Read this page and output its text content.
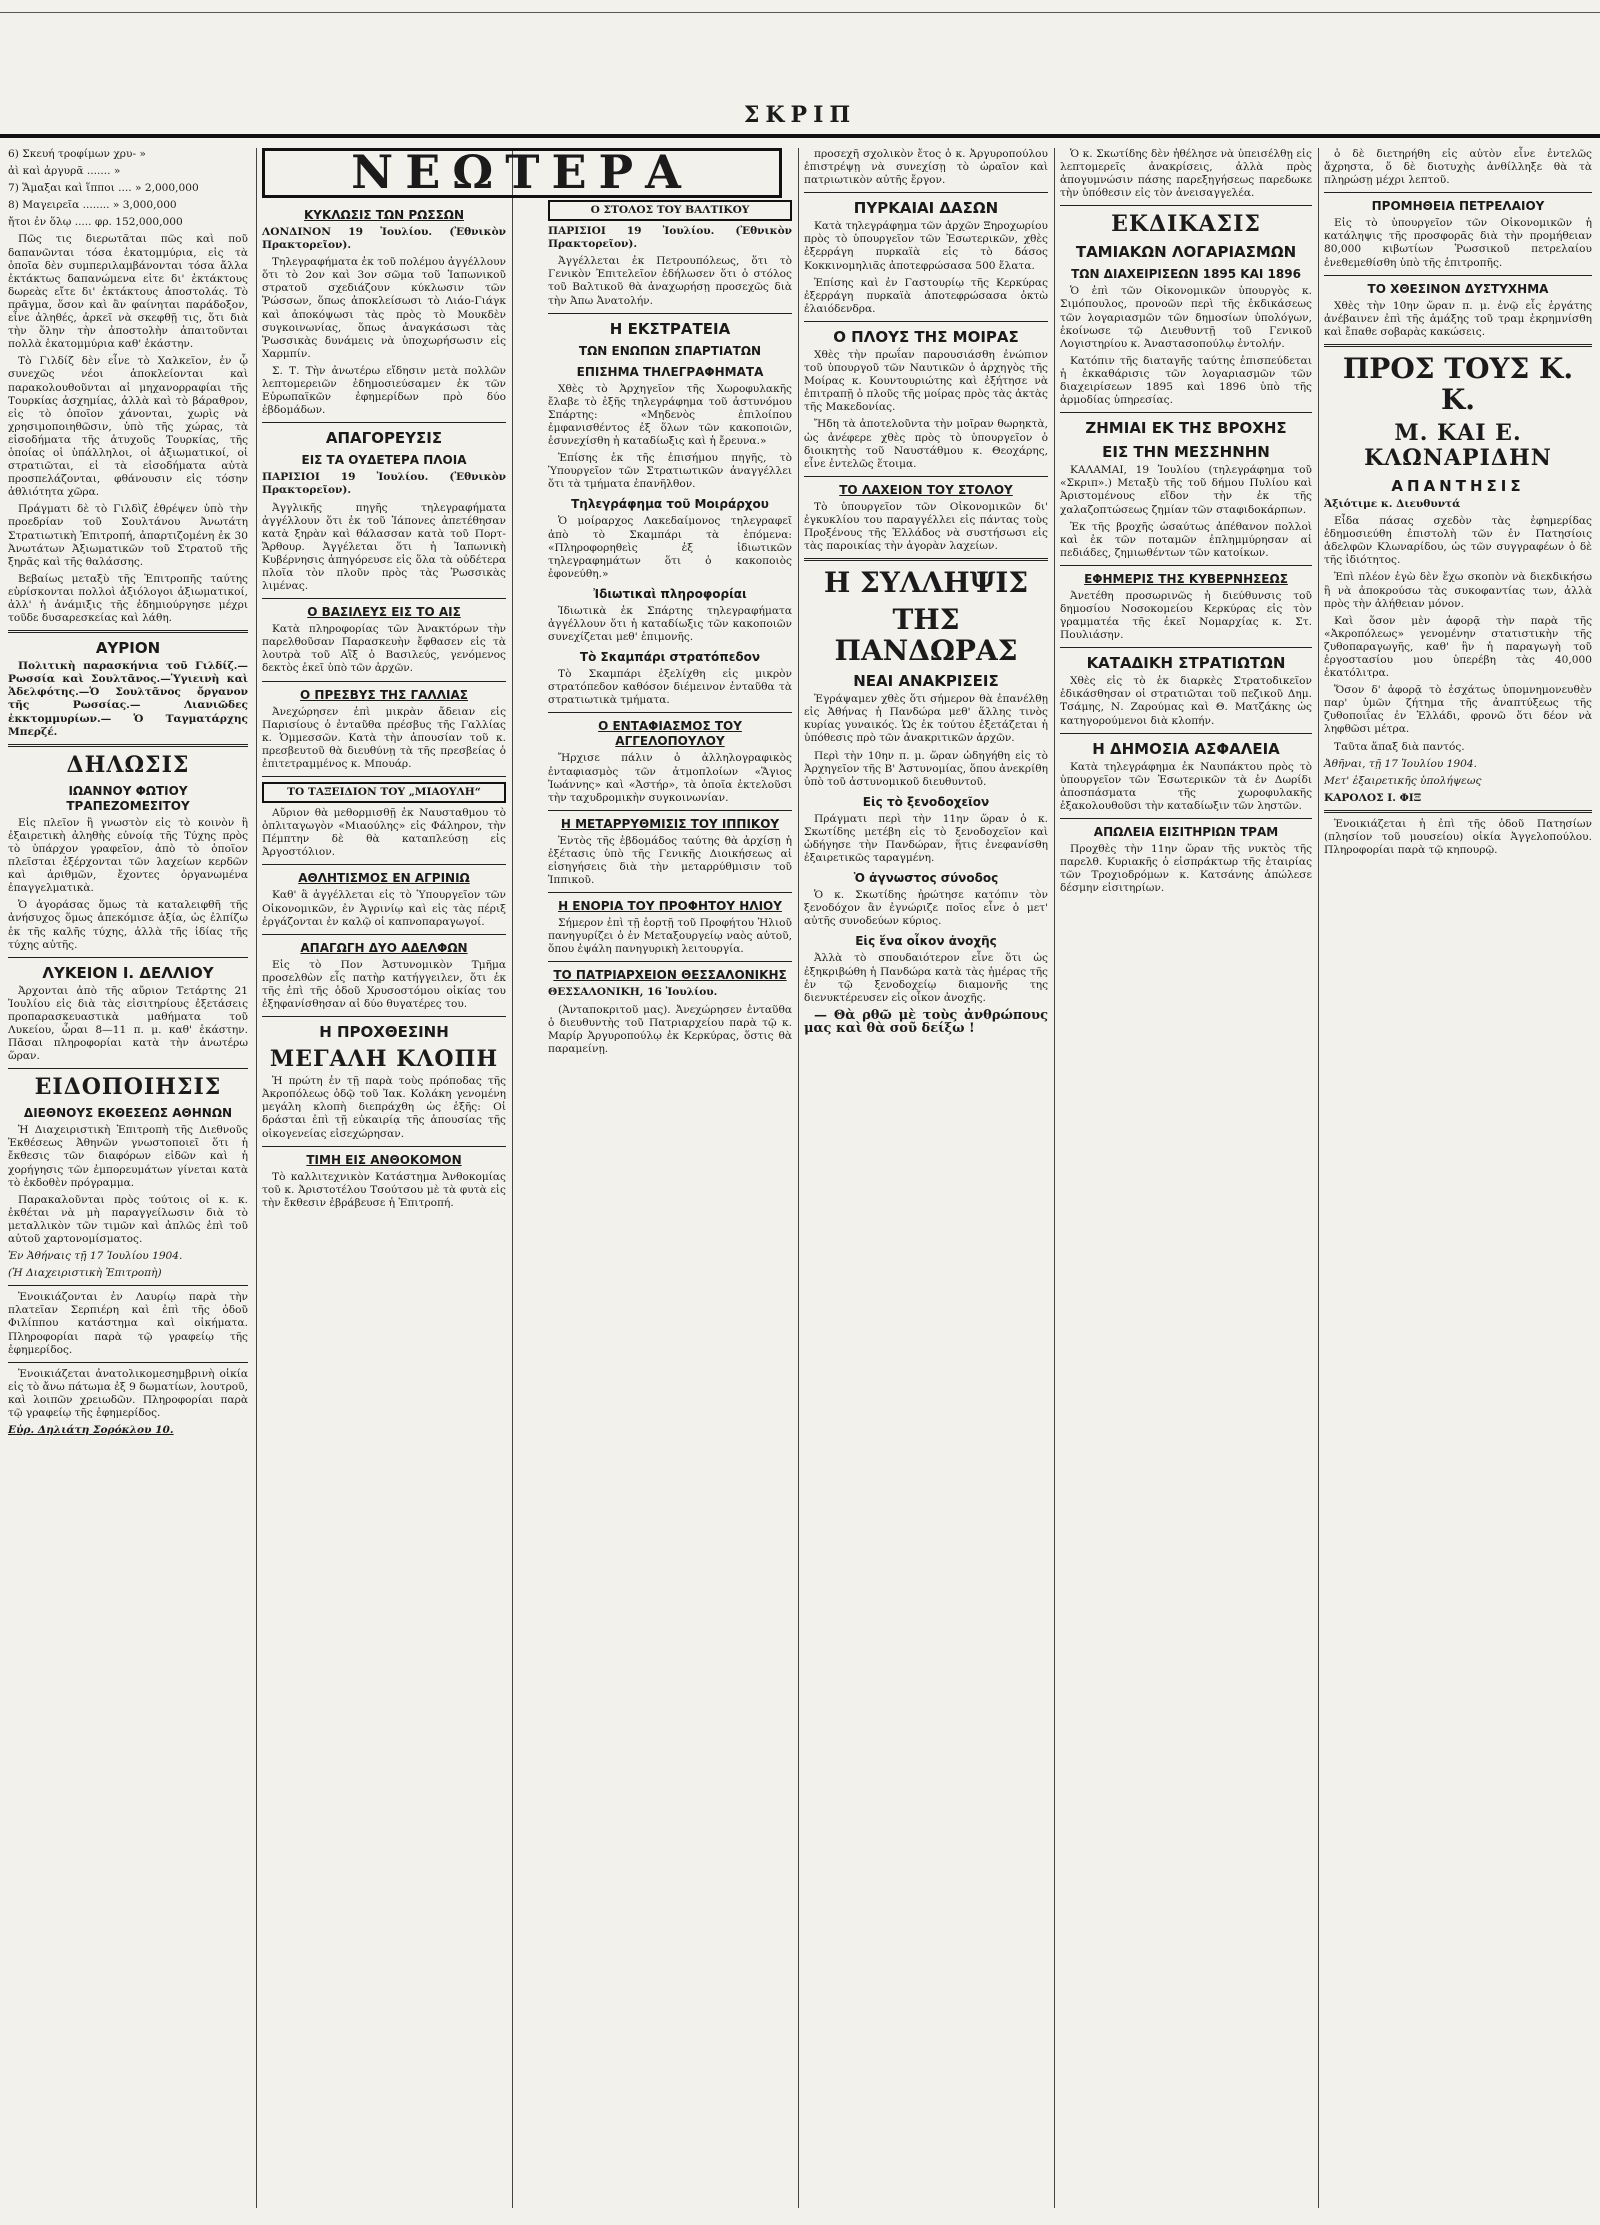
ΣΚΡΙΠ

6) Σκευή τροφίμων χρυ- »

ἀὶ καὶ ἀργυρᾶ ....... »

7) Ἅμαξαι καὶ ἵπποι .... » 2,000,000

8) Μαγειρεῖα ........ » 3,000,000

ἤτοι ἐν ὅλῳ ..... φρ. 152,000,000

Πῶς τις διερωτᾶται πῶς καὶ ποῦ δαπανῶνται τόσα ἑκατομμύρια, εἰς τὰ ὁποῖα δὲν συμπεριλαμβάνονται τόσα ἄλλα ἐκτάκτως δαπανώμενα εἰτε δι' ἐκτάκτους δωρεὰς εἴτε δι' ἐκτάκτους ἀποστολάς. Τὸ πρᾶγμα, ὅσον καὶ ἂν φαίνηται παράδοξον, εἶνε ἀληθές, ἀρκεῖ νὰ σκεφθῇ τις, ὅτι διὰ τὴν ὅλην τὴν ἀποστολὴν ἀπαιτοῦνται πολλὰ ἑκατομμύρια καθ' ἑκάστην.

Τὸ Γιλδίζ δὲν εἶνε τὸ Χαλκεῖον, ἐν ᾧ συνεχῶς νέοι ἀποκλείονται καὶ παρακολουθοῦνται αἱ μηχανορραφίαι τῆς Τουρκίας ἀσχημίας, ἀλλὰ καὶ τὸ βάραθρον, εἰς τὸ ὁποῖον χάνονται, χωρὶς νὰ χρησιμοποιηθῶσιν, ὑπὸ τῆς χώρας, τὰ εἰσοδήματα τῆς ἀτυχοῦς Τουρκίας, τῆς ὁποίας οἱ ὑπάλληλοι, οἱ ἀξιωματικοί, οἱ στρατιῶται, εἰ τὰ εἰσοδήματα αὐτὰ προσπελάζονται, φθάνουσιν εἰς τόσην ἀθλιότητα χῶρα.

Πράγματι δὲ τὸ Γιλδὶζ ἐθρέψεν ὑπὸ τὴν προεδρίαν τοῦ Σουλτάνου Ἀνωτάτη Στρατιωτικὴ Ἐπιτροπή, ἀπαρτιζομένη ἐκ 30 Ἀνωτάτων Ἀξιωματικῶν τοῦ Στρατοῦ τῆς ξηρᾶς καὶ τῆς θαλάσσης.

Βεβαίως μεταξὺ τῆς Ἐπιτροπῆς ταύτης εὑρίσκονται πολλοὶ ἀξιόλογοι ἀξιωματικοί, ἀλλ' ἡ ἀνάμιξις τῆς ἐδημιούργησε μέχρι τοῦδε δυσαρεσκείας καὶ λάθη.

ΑΥΡΙΟΝ

Πολιτικὴ παρασκήνια τοῦ Γιλδίζ.—Ρωσσία καὶ Σουλτᾶνος.—Ὑγιεινὴ καὶ Ἀδελφότης.—Ὁ Σουλτᾶνος ὄργανον τῆς Ρωσσίας.— Λιανιῶδες ἐκκτομμυρίων.— Ὁ Ταγματάρχης Μπερζέ.

ΔΗΛΩΣΙΣ
ΙΩΑΝΝΟΥ ΦΩΤΙΟΥ ΤΡΑΠΕΖΟΜΕΣΙΤΟΥ

Εἰς πλεῖον ἢ γνωστὸν εἰς τὸ κοινὸν ἢ ἐξαιρετικὴ ἀληθὴς εὐνοίᾳ τῆς Τύχης πρὸς τὸ ὑπάρχον γραφεῖον, ἀπὸ τὸ ὁποῖον πλεῖσται ἐξέρχονται τῶν λαχείων κερδῶν καὶ ἀριθμῶν, ἔχοντες ὀργανωμένα ἐπαγγελματικὰ.

Ὁ ἀγοράσας ὅμως τὰ καταλειφθῆ τῆς ἀνήσυχος ὅμως ἀπεκόμισε ἀξία, ὡς ἐλπίζω ἐκ τῆς καλῆς τύχης, ἀλλὰ τῆς ἰδίας τῆς τύχης αὐτῆς.

ΛΥΚΕΙΟΝ Ι. ΔΕΛΛΙΟΥ

Ἀρχονται ἀπὸ τῆς αὔριον Τετάρτης 21 Ἰουλίου εἰς διὰ τὰς εἰσιτηρίους ἐξετάσεις προπαρασκευαστικὰ μαθήματα τοῦ Λυκείου, ὧραι 8—11 π. μ. καθ' ἑκάστην. Πᾶσαι πληροφορίαι κατὰ τὴν ἀνωτέρω ὥραν.

ΕΙΔΟΠΟΙΗΣΙΣ
ΔΙΕΘΝΟΥΣ ΕΚΘΕΣΕΩΣ ΑΘΗΝΩΝ

Ἡ Διαχειριστικὴ Ἐπιτροπὴ τῆς Διεθνοῦς Ἐκθέσεως Ἀθηνῶν γνωστοποιεῖ ὅτι ἡ ἔκθεσις τῶν διαφόρων εἰδῶν καὶ ἡ χορήγησις τῶν ἐμπορευμάτων γίνεται κατὰ τὸ ἐκδοθὲν πρόγραμμα.

Παρακαλοῦνται πρὸς τούτοις οἱ κ. κ. ἐκθέται νὰ μὴ παραγγείλωσιν διὰ τὸ μεταλλικὸν τῶν τιμῶν καὶ ἀπλῶς ἐπὶ τοῦ αὐτοῦ χαρτονομίσματος.

Ἐν Ἀθήναις τῇ 17 Ἰουλίου 1904.

(Ἡ Διαχειριστικὴ Ἐπιτροπὴ)

Ἐνοικιάζονται ἐν Λαυρίῳ παρὰ τὴν πλατεῖαν Σερπιέρη καὶ ἐπὶ τῆς ὁδοῦ Φιλίππου κατάστημα καὶ οἰκήματα. Πληροφορίαι παρὰ τῷ γραφείῳ τῆς ἐφημερίδος.

Ἐνοικιάζεται ἀνατολικομεσημβρινὴ οἰκία εἰς τὸ ἄνω πάτωμα ἐξ 9 δωματίων, λουτροῦ, καὶ λοιπῶν χρειωδῶν. Πληροφορίαι παρὰ τῷ γραφείῳ τῆς ἐφημερίδος.

Εὐρ. Δηλιάτη Σορόκλου 10.

ΝΕΩΤΕΡΑ
ΚΥΚΛΩΣΙΣ ΤΩΝ ΡΩΣΣΩΝ

ΛΟΝΔΙΝΟΝ 19 Ἰουλίου. (Ἐθνικὸν Πρακτορεῖον).

Τηλεγραφήματα ἐκ τοῦ πολέμου ἀγγέλλουν ὅτι τὸ 2ον καὶ 3ον σῶμα τοῦ Ἰαπωνικοῦ στρατοῦ σχεδιάζουν κύκλωσιν τῶν Ῥώσσων, ὅπως ἀποκλείσωσι τὸ Λιάο-Γιάγκ καὶ ἀποκόψωσι τὰς πρὸς τὸ Μουκδὲν συγκοινωνίας, ὅπως ἀναγκάσωσι τὰς Ῥωσσικὰς δυνάμεις νὰ ὑποχωρήσωσιν εἰς Χαρμπίν.

Σ. Τ. Τὴν ἀνωτέρω εἴδησιν μετὰ πολλῶν λεπτομερειῶν ἐδημοσιεύσαμεν ἐκ τῶν Εὐρωπαϊκῶν ἐφημερίδων πρὸ δύο ἑβδομάδων.

ΑΠΑΓΟΡΕΥΣΙΣ
ΕΙΣ ΤΑ ΟΥΔΕΤΕΡΑ ΠΛΟΙΑ

ΠΑΡΙΣΙΟΙ 19 Ἰουλίου. (Ἐθνικὸν Πρακτορεῖον).

Ἀγγλικῆς πηγῆς τηλεγραφήματα ἀγγέλλουν ὅτι ἐκ τοῦ Ἰάπονες ἀπετέθησαν κατὰ ξηρὰν καὶ θάλασσαν κατὰ τοῦ Πορτ-Ἄρθουρ. Ἀγγέλεται ὅτι ἡ Ἰαπωνικὴ Κυβέρνησις ἀπηγόρευσε εἰς ὅλα τὰ οὐδέτερα πλοῖα τὸν πλοῦν πρὸς τὰς Ῥωσσικὰς λιμένας.

Ο ΒΑΣΙΛΕΥΣ ΕΙΣ ΤΟ ΑΙΣ

Κατὰ πληροφορίας τῶν Ἀνακτόρων τὴν παρελθοῦσαν Παρασκευὴν ἔφθασεν εἰς τὰ λουτρὰ τοῦ Αἲξ ὁ Βασιλεύς, γενόμενος δεκτὸς ἐκεῖ ὑπὸ τῶν ἀρχῶν.

Ο ΠΡΕΣΒΥΣ ΤΗΣ ΓΑΛΛΙΑΣ

Ἀνεχώρησεν ἐπὶ μικρὰν ἄδειαν εἰς Παρισίους ὁ ἐνταῦθα πρέσβυς τῆς Γαλλίας κ. Ὁμμεσσῶν. Κατὰ τὴν ἀπουσίαν τοῦ κ. πρεσβευτοῦ θὰ διευθύνῃ τὰ τῆς πρεσβείας ὁ ἐπιτετραμμένος κ. Μπουάρ.

ΤΟ ΤΑΞΕΙΔΙΟΝ ΤΟΥ „ΜΙΑΟΥΛΗ“

Αὔριον θὰ μεθορμισθῇ ἐκ Ναυσταθμου τὸ ὁπλιταγωγὸν «Μιαούλης» εἰς Φάληρον, τὴν Πέμπτην δὲ θὰ καταπλεύσῃ εἰς Ἀργοστόλιον.

ΑΘΛΗΤΙΣΜΟΣ ΕΝ ΑΓΡΙΝΙΩ

Καθ' ἃ ἀγγέλλεται εἰς τὸ Ὑπουργεῖον τῶν Οἰκονομικῶν, ἐν Ἀγρινίῳ καὶ εἰς τὰς πέριξ ἐργάζονται ἐν καλῷ οἱ καπνοπαραγωγοί.

ΑΠΑΓΩΓΗ ΔΥΟ ΑΔΕΛΦΩΝ

Εἰς τὸ Πον Ἀστυνομικὸν Τμῆμα προσελθὼν εἷς πατὴρ κατήγγειλεν, ὅτι ἐκ τῆς ἐπὶ τῆς ὁδοῦ Χρυσοστόμου οἰκίας του ἐξηφανίσθησαν αἱ δύο θυγατέρες του.

Η ΠΡΟΧΘΕΣΙΝΗ
ΜΕΓΑΛΗ ΚΛΟΠΗ

Ἡ πρώτη ἐν τῇ παρὰ τοὺς πρόποδας τῆς Ἀκροπόλεως ὁδῷ τοῦ Ἰακ. Κολάκη γενομένη μεγάλη κλοπὴ διεπράχθη ὡς ἑξῆς: Οἱ δράσται ἐπὶ τῇ εὐκαιρίᾳ τῆς ἀπουσίας τῆς οἰκογενείας εἰσεχώρησαν.

ΤΙΜΗ ΕΙΣ ΑΝΘΟΚΟΜΟΝ

Τὸ καλλιτεχνικὸν Κατάστημα Ἀνθοκομίας τοῦ κ. Ἀριστοτέλου Τσούτσου μὲ τὰ φυτὰ εἰς τὴν ἔκθεσιν ἐβράβευσε ἡ Ἐπιτροπή.

Ο ΣΤΟΛΟΣ ΤΟΥ ΒΑΛΤΙΚΟΥ

ΠΑΡΙΣΙΟΙ 19 Ἰουλίου. (Ἐθνικὸν Πρακτορεῖον).

Ἀγγέλλεται ἐκ Πετρουπόλεως, ὅτι τὸ Γενικὸν Ἐπιτελεῖον ἐδήλωσεν ὅτι ὁ στόλος τοῦ Βαλτικοῦ θὰ ἀναχωρήσῃ προσεχῶς διὰ τὴν Ἀπω Ἀνατολήν.

Η ΕΚΣΤΡΑΤΕΙΑ
ΤΩΝ ΕΝΩΠΩΝ ΣΠΑΡΤΙΑΤΩΝ
ΕΠΙΣΗΜΑ ΤΗΛΕΓΡΑΦΗΜΑΤΑ

Χθὲς τὸ Ἀρχηγεῖον τῆς Χωροφυλακῆς ἔλαβε τὸ ἑξῆς τηλεγράφημα τοῦ ἀστυνόμου Σπάρτης: «Μηδενὸς ἐπιλοίπου ἐμφανισθέντος ἐξ ὅλων τῶν κακοποιῶν, ἐσυνεχίσθη ἡ καταδίωξις καὶ ἡ ἔρευνα.»

Ἐπίσης ἐκ τῆς ἐπισήμου πηγῆς, τὸ Ὑπουργεῖον τῶν Στρατιωτικῶν ἀναγγέλλει ὅτι τὰ τμήματα ἐπανῆλθον.

Τηλεγράφημα τοῦ Μοιράρχου

Ὁ μοίραρχος Λακεδαίμονος τηλεγραφεῖ ἀπὸ τὸ Σκαμπάρι τὰ ἐπόμενα: «Πληροφορηθεὶς ἐξ ἰδιωτικῶν τηλεγραφημάτων ὅτι ὁ κακοποιὸς ἐφονεύθη.»

Ἰδιωτικαὶ πληροφορίαι

Ἰδιωτικὰ ἐκ Σπάρτης τηλεγραφήματα ἀγγέλλουν ὅτι ἡ καταδίωξις τῶν κακοποιῶν συνεχίζεται μεθ' ἐπιμονῆς.

Τὸ Σκαμπάρι στρατόπεδον

Τὸ Σκαμπάρι ἐξελίχθη εἰς μικρὸν στρατόπεδον καθόσον διέμεινον ἐνταῦθα τὰ στρατιωτικὰ τμήματα.

Ο ΕΝΤΑΦΙΑΣΜΟΣ ΤΟΥ ΑΓΓΕΛΟΠΟΥΛΟΥ

Ἤρχισε πάλιν ὁ ἀλληλογραφικὸς ἐνταφιασμὸς τῶν ἀτμοπλοίων «Ἅγιος Ἰωάννης» καὶ «Ἀστήρ», τὰ ὁποῖα ἐκτελοῦσι τὴν ταχυδρομικὴν συγκοινωνίαν.

Η ΜΕΤΑΡΡΥΘΜΙΣΙΣ ΤΟΥ ΙΠΠΙΚΟΥ

Ἐντὸς τῆς ἑβδομάδος ταύτης θὰ ἀρχίσῃ ἡ ἐξέτασις ὑπὸ τῆς Γενικῆς Διοικήσεως αἱ εἰσηγήσεις διὰ τὴν μεταρρύθμισιν τοῦ Ἱππικοῦ.

Η ΕΝΟΡΙΑ ΤΟΥ ΠΡΟΦΗΤΟΥ ΗΛΙΟΥ

Σήμερον ἐπὶ τῇ ἑορτῇ τοῦ Προφήτου Ἠλιοῦ πανηγυρίζει ὁ ἐν Μεταξουργείῳ ναὸς αὐτοῦ, ὅπου ἐψάλη πανηγυρικὴ λειτουργία.

ΤΟ ΠΑΤΡΙΑΡΧΕΙΟΝ ΘΕΣΣΑΛΟΝΙΚΗΣ

ΘΕΣΣΑΛΟΝΙΚΗ, 16 Ἰουλίου.

(Ἀνταποκριτοῦ μας). Ἀνεχώρησεν ἐνταῦθα ὁ διευθυντὴς τοῦ Πατριαρχείου παρὰ τῷ κ. Μαρίρ Ἀργυροπούλῳ ἐκ Κερκύρας, ὅστις θὰ παραμείνῃ.

προσεχῆ σχολικὸν ἔτος ὁ κ. Ἀργυροπούλου ἐπιστρέψῃ νὰ συνεχίσῃ τὸ ὡραῖον καὶ πατριωτικὸν αὐτῆς ἔργον.

ΠΥΡΚΑΙΑΙ ΔΑΣΩΝ

Κατὰ τηλεγράφημα τῶν ἀρχῶν Ξηροχωρίου πρὸς τὸ ὑπουργεῖον τῶν Ἐσωτερικῶν, χθὲς ἐξερράγη πυρκαϊὰ εἰς τὸ δάσος Κοκκινομηλιᾶς ἀποτεφρώσασα 500 ἔλατα.

Ἐπίσης καὶ ἐν Γαστουρίῳ τῆς Κερκύρας ἐξερράγη πυρκαϊὰ ἀποτεφρώσασα ὀκτὼ ἐλαιόδενδρα.

Ο ΠΛΟΥΣ ΤΗΣ ΜΟΙΡΑΣ

Χθὲς τὴν πρωΐαν παρουσιάσθη ἐνώπιον τοῦ ὑπουργοῦ τῶν Ναυτικῶν ὁ ἀρχηγὸς τῆς Μοίρας κ. Κουντουριώτης καὶ ἐξήτησε νὰ ἐπιτραπῇ ὁ πλοῦς τῆς μοίρας πρὸς τὰς ἀκτὰς τῆς Μακεδονίας.

Ἤδη τὰ ἀποτελοῦντα τὴν μοῖραν θωρηκτὰ, ὡς ἀνέφερε χθὲς πρὸς τὸ ὑπουργεῖον ὁ διοικητὴς τοῦ Ναυστάθμου κ. Θεοχάρης, εἶνε ἐντελῶς ἕτοιμα.

ΤΟ ΛΑΧΕΙΟΝ ΤΟΥ ΣΤΟΛΟΥ

Τὸ ὑπουργεῖον τῶν Οἰκονομικῶν δι' ἐγκυκλίου του παραγγέλλει εἰς πάντας τοὺς Προξένους τῆς Ἑλλάδος νὰ συστήσωσι εἰς τὰς παροικίας τὴν ἀγορὰν λαχείων.

Η ΣΥΛΛΗΨΙΣ
ΤΗΣ ΠΑΝΔΩΡΑΣ
ΝΕΑΙ ΑΝΑΚΡΙΣΕΙΣ

Ἐγράψαμεν χθὲς ὅτι σήμερον θὰ ἐπανέλθῃ εἰς Ἀθήνας ἡ Πανδώρα μεθ' ἅλλης τινὸς κυρίας γυναικός. Ὡς ἐκ τούτου ἐξετάζεται ἡ ὑπόθεσις πρὸ τῶν ἀνακριτικῶν ἀρχῶν.

Περὶ τὴν 10ην π. μ. ὥραν ὡδηγήθη εἰς τὸ Ἀρχηγεῖον τῆς Β' Ἀστυνομίας, ὅπου ἀνεκρίθη ὑπὸ τοῦ ἀστυνομικοῦ διευθυντοῦ.

Εἰς τὸ ξενοδοχεῖον

Πράγματι περὶ τὴν 11ην ὥραν ὁ κ. Σκωτίδης μετέβη εἰς τὸ ξενοδοχεῖον καὶ ὡδήγησε τὴν Πανδώραν, ἥτις ἐνεφανίσθη ἐξαιρετικῶς ταραγμένη.

Ὁ ἀγνωστος σύνοδος

Ὁ κ. Σκωτίδης ἠρώτησε κατόπιν τὸν ξενοδόχον ἂν ἐγνώριζε ποῖος εἶνε ὁ μετ' αὐτῆς συνοδεύων κύριος.

Εἰς ἕνα οἶκον ἀνοχῆς

Ἀλλὰ τὸ σπουδαιότερον εἶνε ὅτι ὡς ἐξηκριβώθη ἡ Πανδώρα κατὰ τὰς ἡμέρας τῆς ἐν τῷ ξενοδοχείῳ διαμονῆς της διενυκτέρευσεν εἰς οἶκον ἀνοχῆς.

— Θὰ ρθῶ μὲ τοὺς ἀνθρώπους μας καὶ θὰ σοῦ δείξω !

Ὁ κ. Σκωτίδης δὲν ἠθέλησε νὰ ὑπεισέλθῃ εἰς λεπτομερεῖς ἀνακρίσεις, ἀλλὰ πρὸς ἀπογυμνώσιν πάσης παρεξηγήσεως παρεδωκε τὴν ὑπόθεσιν εἰς τὸν ἀνεισαγγελέα.

ΕΚΔΙΚΑΣΙΣ
ΤΑΜΙΑΚΩΝ ΛΟΓΑΡΙΑΣΜΩΝ
ΤΩΝ ΔΙΑΧΕΙΡΙΣΕΩΝ 1895 ΚΑΙ 1896

Ὁ ἐπὶ τῶν Οἰκονομικῶν ὑπουργὸς κ. Σιμόπουλος, προνοῶν περὶ τῆς ἐκδικάσεως τῶν λογαριασμῶν τῶν δημοσίων ὑπολόγων, ἐκοίνωσε τῷ Διευθυντῇ τοῦ Γενικοῦ Λογιστηρίου κ. Ἀναστασοπούλῳ ἐντολήν.

Κατόπιν τῆς διαταγῆς ταύτης ἐπισπεύδεται ἡ ἐκκαθάρισις τῶν λογαριασμῶν τῶν διαχειρίσεων 1895 καὶ 1896 ὑπὸ τῆς ἁρμοδίας ὑπηρεσίας.

ΖΗΜΙΑΙ ΕΚ ΤΗΣ ΒΡΟΧΗΣ
ΕΙΣ ΤΗΝ ΜΕΣΣΗΝΗΝ

ΚΑΛΑΜΑΙ, 19 Ἰουλίου (τηλεγράφημα τοῦ «Σκριπ».) Μεταξὺ τῆς τοῦ δήμου Πυλίου καὶ Ἀριστομένους εἴδον τὴν ἐκ τῆς χαλαζοπτώσεως ζημίαν τῶν σταφιδοκάρπων.

Ἐκ τῆς βροχῆς ὡσαύτως ἀπέθανον πολλοὶ καὶ ἐκ τῶν ποταμῶν ἐπλημμύρησαν αἱ πεδιάδες, ζημιωθέντων τῶν κατοίκων.

ΕΦΗΜΕΡΙΣ ΤΗΣ ΚΥΒΕΡΝΗΣΕΩΣ

Ἀνετέθη προσωρινῶς ἡ διεύθυνσις τοῦ δημοσίου Νοσοκομείου Κερκύρας εἰς τὸν γραμματέα τῆς ἐκεῖ Νομαρχίας κ. Στ. Πουλιάσην.

ΚΑΤΑΔΙΚΗ ΣΤΡΑΤΙΩΤΩΝ

Χθὲς εἰς τὸ ἐκ διαρκὲς Στρατοδικεῖον ἐδικάσθησαν οἱ στρατιῶται τοῦ πεζικοῦ Δημ. Τσάμης, Ν. Ζαρούμας καὶ Θ. Ματζάκης ὡς κατηγορούμενοι διὰ κλοπήν.

Η ΔΗΜΟΣΙΑ ΑΣΦΑΛΕΙΑ

Κατὰ τηλεγράφημα ἐκ Ναυπάκτου πρὸς τὸ ὑπουργεῖον τῶν Ἐσωτερικῶν τὰ ἐν Δωρίδι ἀποσπάσματα τῆς χωροφυλακῆς ἐξακολουθοῦσι τὴν καταδίωξιν τῶν ληστῶν.

ΑΠΩΛΕΙΑ ΕΙΣΙΤΗΡΙΩΝ ΤΡΑΜ

Προχθὲς τὴν 11ην ὥραν τῆς νυκτὸς τῆς παρελθ. Κυριακῆς ὁ εἰσπράκτωρ τῆς ἑταιρίας τῶν Τροχιοδρόμων κ. Κατσάνης ἀπώλεσε δέσμην εἰσιτηρίων.

ὁ δὲ διετηρήθη εἰς αὐτὸν εἶνε ἐντελῶς ἄχρηστα, ὅ δὲ διοτυχὴς ἀνθίλληξε θὰ τὰ πληρώσῃ μέχρι λεπτοῦ.

ΠΡΟΜΗΘΕΙΑ ΠΕΤΡΕΛΑΙΟΥ

Εἰς τὸ ὑπουργεῖον τῶν Οἰκονομικῶν ἡ κατάληψις τῆς προσφορᾶς διὰ τὴν προμήθειαν 80,000 κιβωτίων Ῥωσσικοῦ πετρελαίου ἐνεθεμεθίσθη ὑπὸ τῆς ἐπιτροπῆς.

ΤΟ ΧΘΕΣΙΝΟΝ ΔΥΣΤΥΧΗΜΑ

Χθὲς τὴν 10ην ὥραν π. μ. ἐνῷ εἷς ἐργάτης ἀνέβαινεν ἐπὶ τῆς ἁμάξης τοῦ τραμ ἐκρημνίσθη καὶ ἔπαθε σοβαρὰς κακώσεις.

ΠΡΟΣ ΤΟΥΣ Κ. Κ.
Μ. ΚΑΙ Ε. ΚΛΩΝΑΡΙΔΗΝ
ΑΠΑΝΤΗΣΙΣ

Ἀξιότιμε κ. Διευθυντά

Εἶδα πάσας σχεδὸν τὰς ἐφημερίδας ἐδημοσιεύθη ἐπιστολὴ τῶν ἐν Πατησίοις ἀδελφῶν Κλωναρίδου, ὡς τῶν συγγραφέων ὁ δὲ τῆς ἰδιότητος.

Ἐπὶ πλέον ἐγὼ δὲν ἔχω σκοπὸν νὰ διεκδικήσω ἢ νὰ ἀποκρούσω τὰς συκοφαντίας των, ἀλλὰ πρὸς τὴν ἀλήθειαν μόνον.

Καὶ ὅσον μὲν ἀφορᾷ τὴν παρὰ τῆς «Ἀκροπόλεως» γενομένην στατιστικὴν τῆς ζυθοπαραγωγῆς, καθ' ἣν ἡ παραγωγὴ τοῦ ἐργοστασίου μου ὑπερέβη τὰς 40,000 ἑκατόλιτρα.

Ὅσον δ' ἀφορᾷ τὸ ἐσχάτως ὑπομνημονευθὲν παρ' ὑμῶν ζήτημα τῆς ἀναπτύξεως τῆς ζυθοποιΐας ἐν Ἑλλάδι, φρονῶ ὅτι δέον νὰ ληφθῶσι μέτρα.

Ταῦτα ἅπαξ διὰ παντός.

Ἀθῆναι, τῇ 17 Ἰουλίου 1904.

Μετ' ἐξαιρετικῆς ὑπολήψεως

ΚΑΡΟΛΟΣ Ι. ΦΙΞ

Ἐνοικιάζεται ἡ ἐπὶ τῆς ὁδοῦ Πατησίων (πλησίον τοῦ μουσείου) οἰκία Ἀγγελοπούλου. Πληροφορίαι παρὰ τῷ κηπουρῷ.
